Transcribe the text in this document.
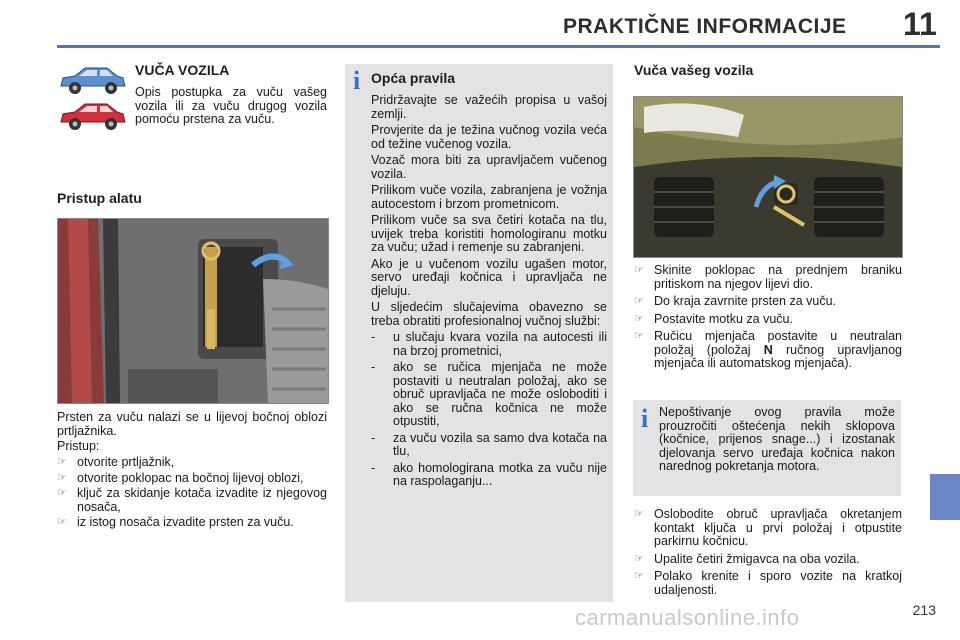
PRAKTIČNE INFORMACIJE 11
VUČA VOZILA

Opis postupka za vuču vašeg vozila ili za vuču drugog vozila pomoću prstena za vuču.

Pristup alatu

Prsten za vuču nalazi se u lijevoj bočnoj oblozi prtljažnika.

Pristup:

☞ otvorite prtljažnik,
☞ otvorite poklopac na bočnoj lijevoj oblozi,
☞ ključ za skidanje kotača izvadite iz njegovog nosača,
☞ iz istog nosača izvadite prsten za vuču.
i Opća pravila

Pridržavajte se važećih propisa u vašoj zemlji.

Provjerite da je težina vučnog vozila veća od težine vučenog vozila.

Vozač mora biti za upravljačem vučenog vozila.

Prilikom vuče vozila, zabranjena je vožnja autocestom i brzom prometnicom.

Prilikom vuče sa sva četiri kotača na tlu, uvijek treba koristiti homologiranu motku za vuču; užad i remenje su zabranjeni.

Ako je u vučenom vozilu ugašen motor, servo uređaji kočnica i upravljača ne djeluju.

U sljedećim slučajevima obavezno se treba obratiti profesionalnoj vučnoj službi:

-	u slučaju kvara vozila na autocesti ili na brzoj prometnici,
-	ako se ručica mjenjača ne može postaviti u neutralan položaj, ako se obruč upravljača ne može osloboditi i ako se ručna kočnica ne može otpustiti,
-	za vuču vozila sa samo dva kotača na tlu,
-	ako homologirana motka za vuču nije na raspolaganju...
Vuča vašeg vozila
☞ Skinite poklopac na prednjem braniku pritiskom na njegov lijevi dio.
☞ Do kraja zavrnite prsten za vuču.
☞ Postavite motku za vuču.
☞ Ručicu mjenjača postavite u neutralan položaj (položaj N ručnog upravljanog mjenjača ili automatskog mjenjača).
i Nepoštivanje ovog pravila može prouzročiti oštećenja nekih sklopova (kočnice, prijenos snage...) i izostanak djelovanja servo uređaja kočnica nakon narednog pokretanja motora.

☞ Oslobodite obruč upravljača okretanjem kontakt ključa u prvi položaj i otpustite parkirnu kočnicu.
☞ Upalite četiri žmigavca na oba vozila.
☞ Polako krenite i sporo vozite na kratkoj udaljenosti.
213
carmanualsonline.info
